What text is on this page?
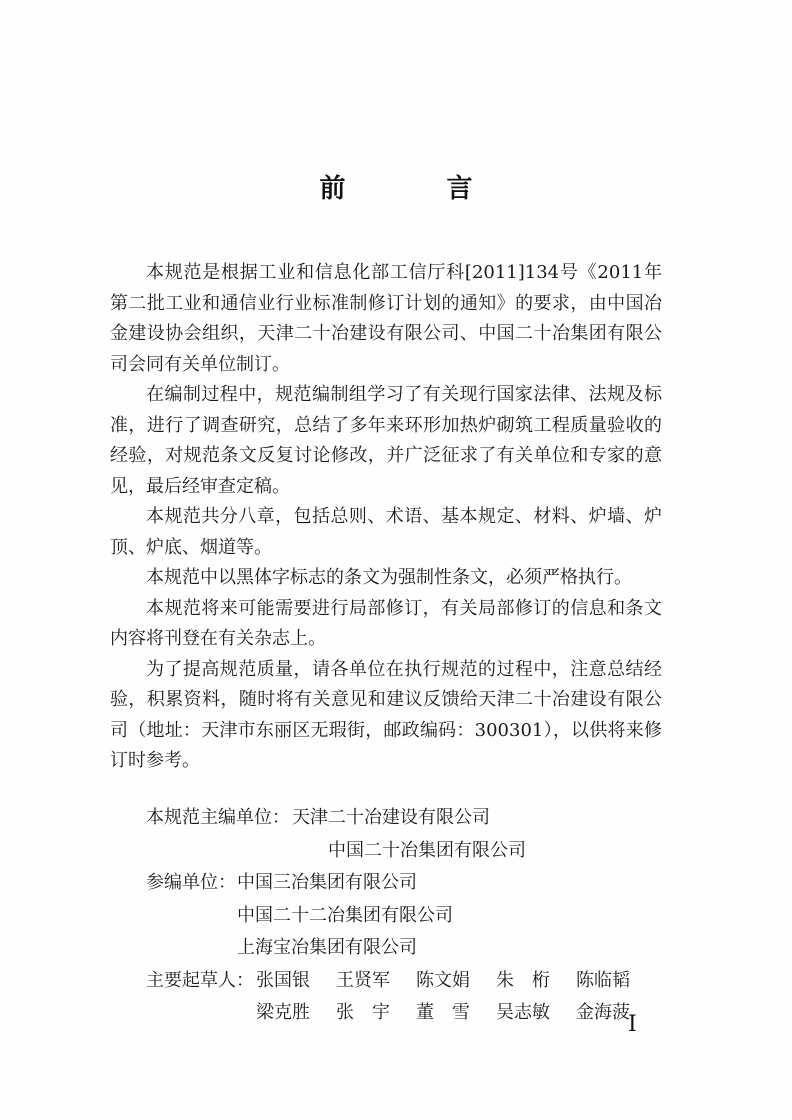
前 言

本规范是根据工业和信息化部工信厅科[2011]134号《2011年第二批工业和通信业行业标准制修订计划的通知》的要求，由中国冶金建设协会组织，天津二十冶建设有限公司、中国二十冶集团有限公司会同有关单位制订。

在编制过程中，规范编制组学习了有关现行国家法律、法规及标准，进行了调查研究，总结了多年来环形加热炉砌筑工程质量验收的经验，对规范条文反复讨论修改，并广泛征求了有关单位和专家的意见，最后经审查定稿。

本规范共分八章，包括总则、术语、基本规定、材料、炉墙、炉顶、炉底、烟道等。

本规范中以黑体字标志的条文为强制性条文，必须严格执行。

本规范将来可能需要进行局部修订，有关局部修订的信息和条文内容将刊登在有关杂志上。

为了提高规范质量，请各单位在执行规范的过程中，注意总结经验，积累资料，随时将有关意见和建议反馈给天津二十冶建设有限公司（地址：天津市东丽区无瑕街，邮政编码：300301），以供将来修订时参考。

本规范主编单位： 天津二十冶建设有限公司
中国二十冶集团有限公司
参编单位： 中国三冶集团有限公司
中国二十二冶集团有限公司
上海宝冶集团有限公司
主要起草人： 张国银 王贤军 陈文娟 朱　桁 陈临韬
梁克胜 张　宇 董　雪 吴志敏 金海菠
I
